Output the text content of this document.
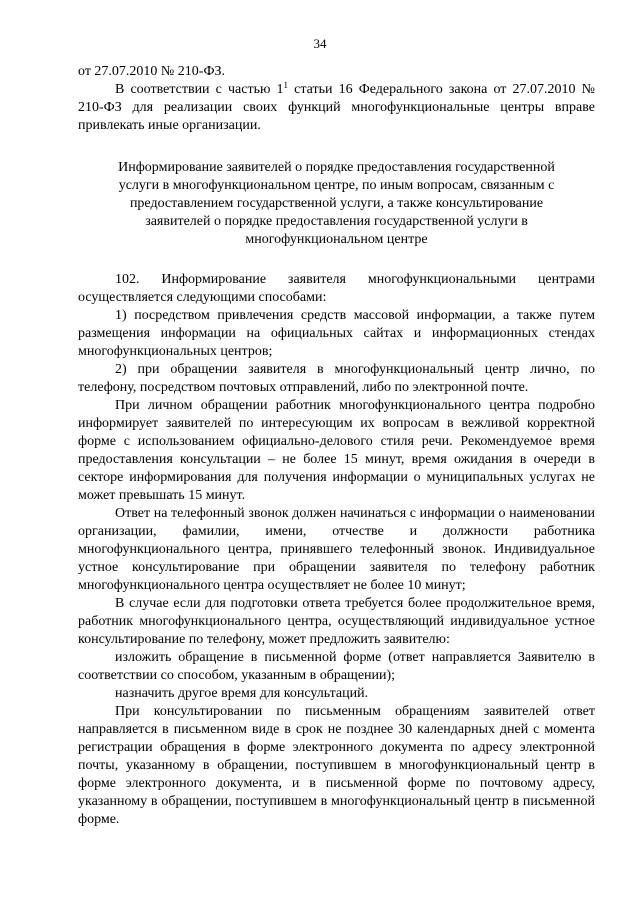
34

от 27.07.2010 № 210-ФЗ.

В соответствии с частью $1^1$ статьи 16 Федерального закона от 27.07.2010 № 210-ФЗ для реализации своих функций многофункциональные центры вправе привлекать иные организации.

Информирование заявителей о порядке предоставления государственной
услуги в многофункциональном центре, по иным вопросам, связанным с
предоставлением государственной услуги, а также консультирование
заявителей о порядке предоставления государственной услуги в
многофункциональном центре

102. Информирование заявителя многофункциональными центрами осуществляется следующими способами:

1) посредством привлечения средств массовой информации, а также путем размещения информации на официальных сайтах и информационных стендах многофункциональных центров;

2) при обращении заявителя в многофункциональный центр лично, по телефону, посредством почтовых отправлений, либо по электронной почте.

При личном обращении работник многофункционального центра подробно информирует заявителей по интересующим их вопросам в вежливой корректной форме с использованием официально-делового стиля речи. Рекомендуемое время предоставления консультации – не более 15 минут, время ожидания в очереди в секторе информирования для получения информации о муниципальных услугах не может превышать 15 минут.

Ответ на телефонный звонок должен начинаться с информации о наименовании организации, фамилии, имени, отчестве и должности работника многофункционального центра, принявшего телефонный звонок. Индивидуальное устное консультирование при обращении заявителя по телефону работник многофункционального центра осуществляет не более 10 минут;

В случае если для подготовки ответа требуется более продолжительное время, работник многофункционального центра, осуществляющий индивидуальное устное консультирование по телефону, может предложить заявителю:

изложить обращение в письменной форме (ответ направляется Заявителю в соответствии со способом, указанным в обращении);

назначить другое время для консультаций.

При консультировании по письменным обращениям заявителей ответ направляется в письменном виде в срок не позднее 30 календарных дней с момента регистрации обращения в форме электронного документа по адресу электронной почты, указанному в обращении, поступившем в многофункциональный центр в форме электронного документа, и в письменной форме по почтовому адресу, указанному в обращении, поступившем в многофункциональный центр в письменной форме.
